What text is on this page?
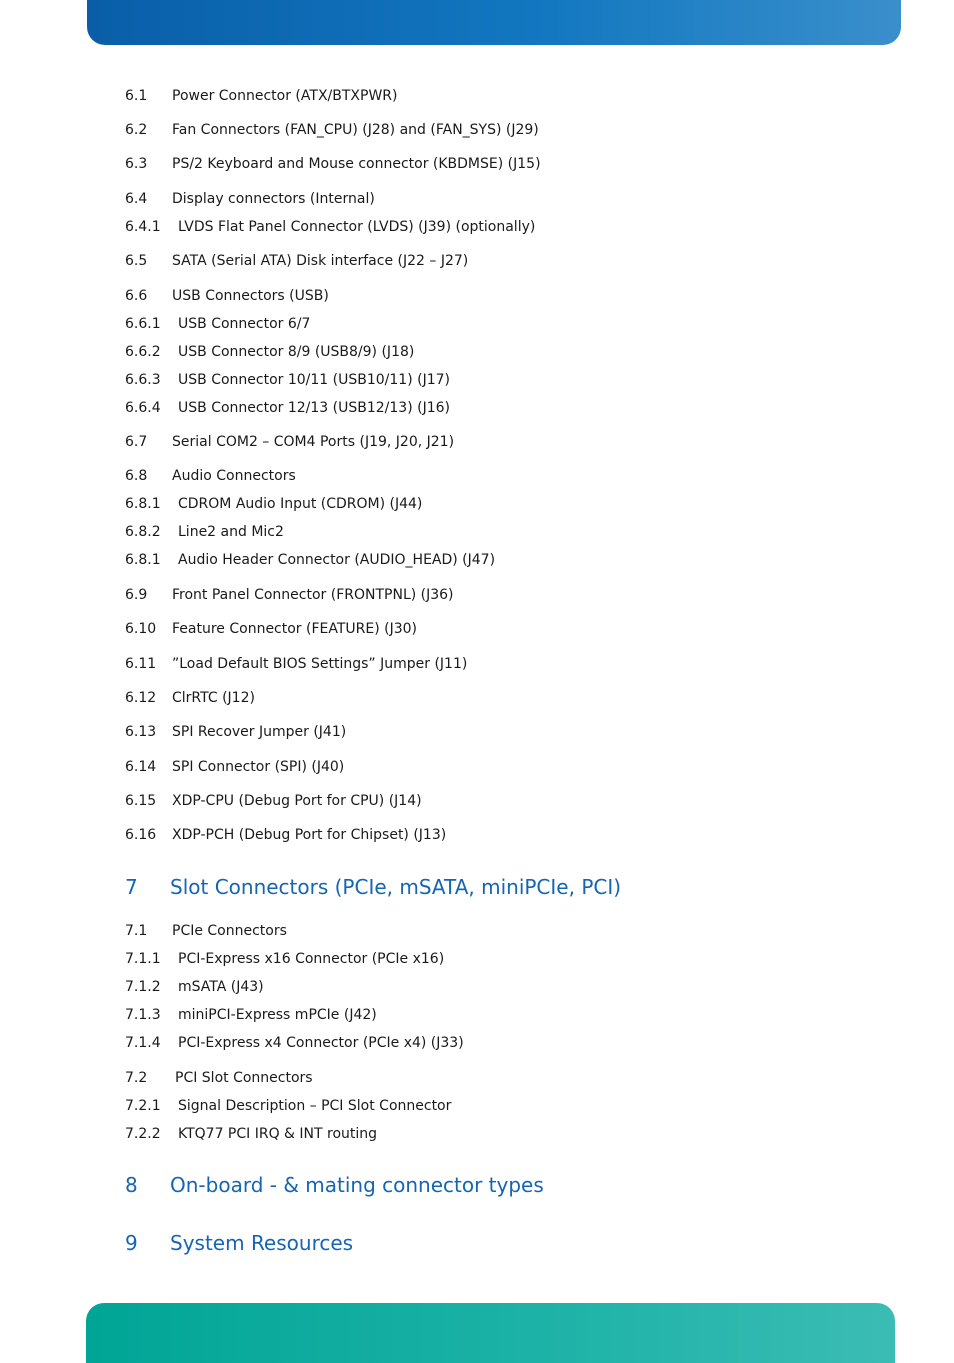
6.1 Power Connector (ATX/BTXPWR)
6.2 Fan Connectors (FAN_CPU) (J28) and (FAN_SYS) (J29)
6.3 PS/2 Keyboard and Mouse connector (KBDMSE) (J15)
6.4 Display connectors (Internal)
6.4.1 LVDS Flat Panel Connector (LVDS) (J39) (optionally)
6.5 SATA (Serial ATA) Disk interface (J22 – J27)
6.6 USB Connectors (USB)
6.6.1 USB Connector 6/7
6.6.2 USB Connector 8/9 (USB8/9) (J18)
6.6.3 USB Connector 10/11 (USB10/11) (J17)
6.6.4 USB Connector 12/13 (USB12/13) (J16)
6.7 Serial COM2 – COM4 Ports (J19, J20, J21)
6.8 Audio Connectors
6.8.1 CDROM Audio Input (CDROM) (J44)
6.8.2 Line2 and Mic2
6.8.1 Audio Header Connector (AUDIO_HEAD) (J47)
6.9 Front Panel Connector (FRONTPNL) (J36)
6.10 Feature Connector (FEATURE) (J30)
6.11 ”Load Default BIOS Settings” Jumper (J11)
6.12 ClrRTC (J12)
6.13 SPI Recover Jumper (J41)
6.14 SPI Connector (SPI) (J40)
6.15 XDP-CPU (Debug Port for CPU) (J14)
6.16 XDP-PCH (Debug Port for Chipset) (J13)
7 Slot Connectors (PCIe, mSATA, miniPCIe, PCI)
7.1 PCIe Connectors
7.1.1 PCI-Express x16 Connector (PCIe x16)
7.1.2 mSATA (J43)
7.1.3 miniPCI-Express mPCIe (J42)
7.1.4 PCI-Express x4 Connector (PCIe x4) (J33)
7.2 PCI Slot Connectors
7.2.1 Signal Description – PCI Slot Connector
7.2.2 KTQ77 PCI IRQ & INT routing
8 On-board - & mating connector types
9 System Resources
